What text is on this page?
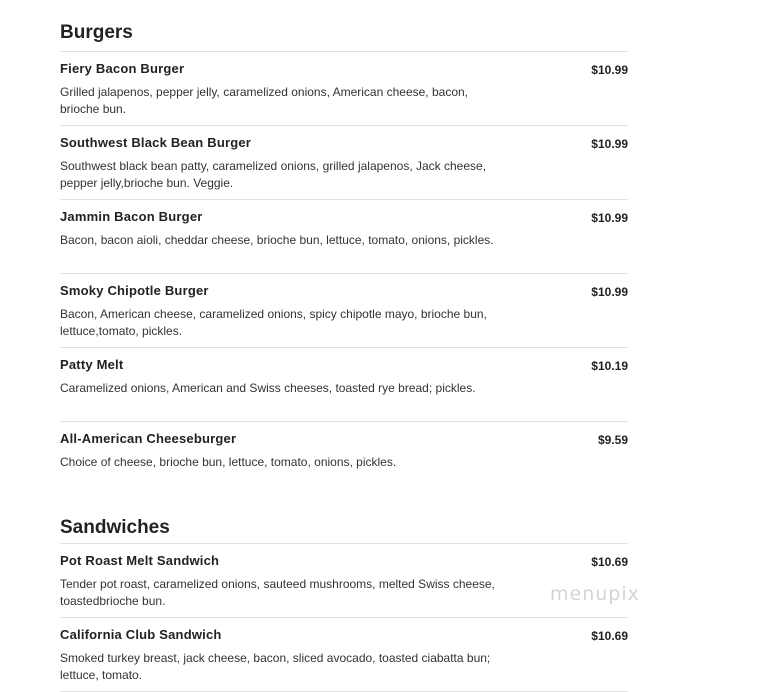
Burgers
Fiery Bacon Burger	$10.99
Grilled jalapenos, pepper jelly, caramelized onions, American cheese, bacon, brioche bun.
Southwest Black Bean Burger	$10.99
Southwest black bean patty, caramelized onions, grilled jalapenos, Jack cheese, pepper jelly,brioche bun. Veggie.
Jammin Bacon Burger	$10.99
Bacon, bacon aioli, cheddar cheese, brioche bun, lettuce, tomato, onions, pickles.
Smoky Chipotle Burger	$10.99
Bacon, American cheese, caramelized onions, spicy chipotle mayo, brioche bun, lettuce,tomato, pickles.
Patty Melt	$10.19
Caramelized onions, American and Swiss cheeses, toasted rye bread; pickles.
All-American Cheeseburger	$9.59
Choice of cheese, brioche bun, lettuce, tomato, onions, pickles.
Sandwiches
Pot Roast Melt Sandwich	$10.69
Tender pot roast, caramelized onions, sauteed mushrooms, melted Swiss cheese, toastedbrioche bun.
California Club Sandwich	$10.69
Smoked turkey breast, jack cheese, bacon, sliced avocado, toasted ciabatta bun; lettuce, tomato.
menupix
